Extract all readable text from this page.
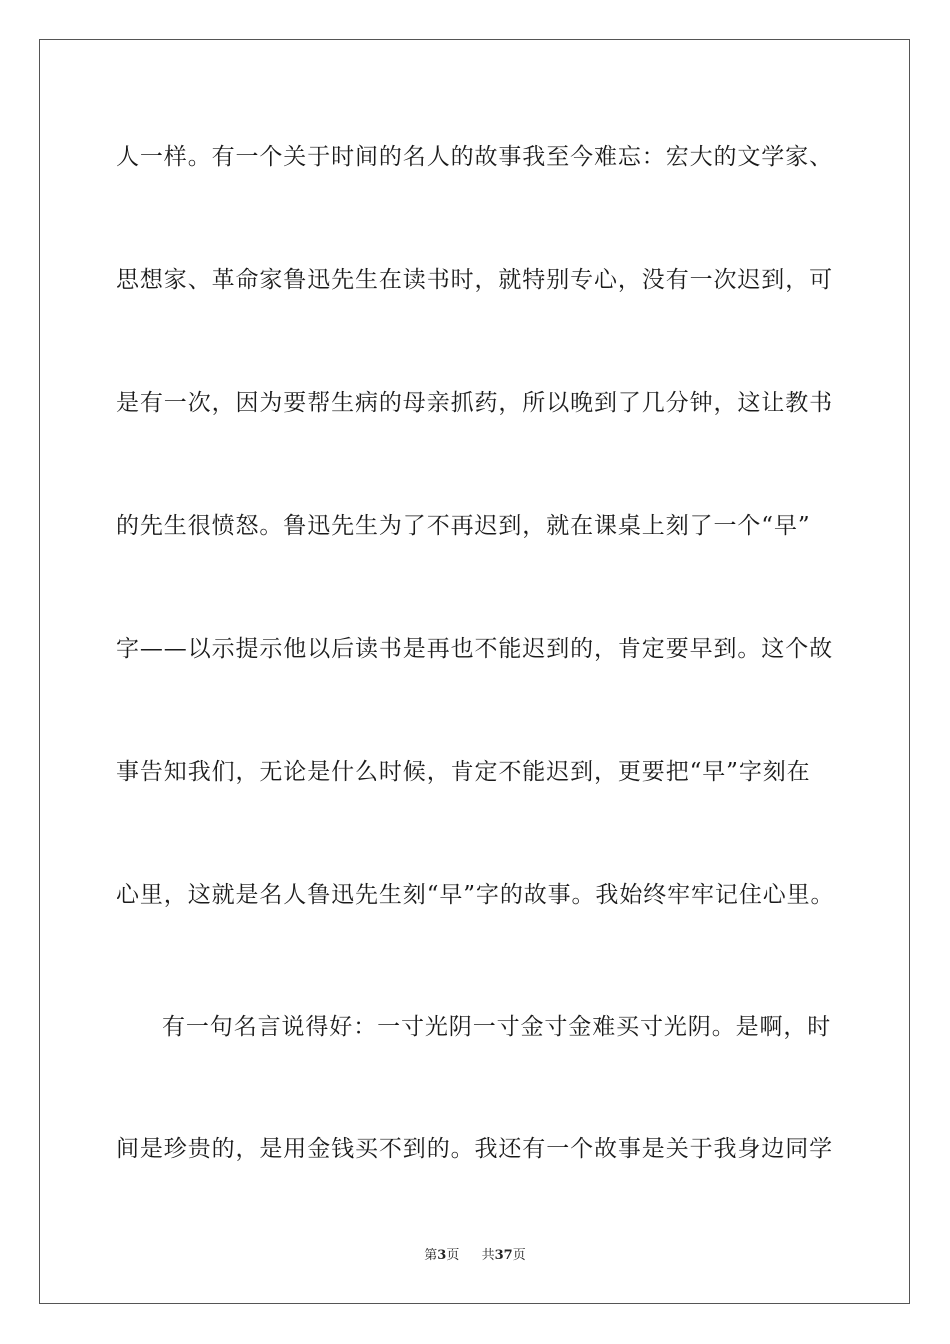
人一样。有一个关于时间的名人的故事我至今难忘：宏大的文学家、
思想家、革命家鲁迅先生在读书时，就特别专心，没有一次迟到，可
是有一次，因为要帮生病的母亲抓药，所以晚到了几分钟，这让教书
的先生很愤怒。鲁迅先生为了不再迟到，就在课桌上刻了一个“早”
字——以示提示他以后读书是再也不能迟到的，肯定要早到。这个故
事告知我们，无论是什么时候，肯定不能迟到，更要把“早”字刻在
心里，这就是名人鲁迅先生刻“早”字的故事。我始终牢牢记住心里。
有一句名言说得好：一寸光阴一寸金寸金难买寸光阴。是啊，时
间是珍贵的，是用金钱买不到的。我还有一个故事是关于我身边同学
第3页 共37页
